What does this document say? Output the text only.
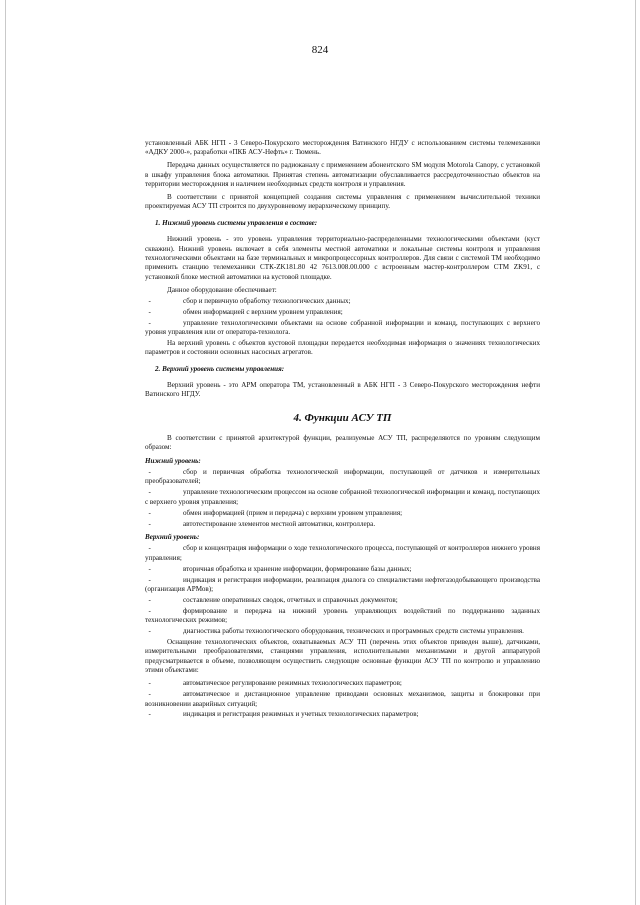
824

установленный АБК НГП - 3 Северо-Покурского месторождения Ватинского НГДУ с использованием системы телемеханики «АДКУ 2000-», разработки «ПКБ АСУ-Нефть» г. Тюмень.

Передача данных осуществляется по радиоканалу с применением абонентского SM модуля Motorola Canopy, с установкой в шкафу управления блока автоматики. Принятая степень автоматизации обуславливается рассредоточенностью объектов на территории месторождения и наличием необходимых средств контроля и управления.

В соответствии с принятой концепцией создания системы управления с применением вычислительной техники проектируемая АСУ ТП строится по двухуровневому иерархическому принципу.

1. Нижний уровень системы управления в составе:

Нижний уровень - это уровень управления территориально-распределенными технологическими объектами (куст скважин). Нижний уровень включает в себя элементы местной автоматики и локальные системы контроля и управления технологическими объектами на базе терминальных и микропроцессорных контроллеров. Для связи с системой ТМ необходимо применить станцию телемеханики СТК-ZK181.80 42 7613.008.00.000 с встроенным мастер-контроллером СТМ ZK91, с установкой блоке местной автоматики на кустовой площадке.

Данное оборудование обеспечивает:

-	сбор и первичную обработку технологических данных;
-	обмен информацией с верхним уровнем управления;
-	управление технологическими объектами на основе собранной информации и команд, поступающих с верхнего уровня управления или от оператора-технолога.

На верхний уровень с объектов кустовой площадки передается необходимая информация о значениях технологических параметров и состоянии основных насосных агрегатов.

2. Верхний уровень системы управления:

Верхний уровень - это АРМ оператора ТМ, установленный в АБК НГП - 3 Северо-Покурского месторождения нефти Ватинского НГДУ.

4. Функции АСУ ТП

В соответствии с принятой архитектурой функции, реализуемые АСУ ТП, распределяются по уровням следующим образом:

Нижний уровень:
-	сбор и первичная обработка технологической информации, поступающей от датчиков и измерительных преобразователей;
-	управление технологическим процессом на основе собранной технологической информации и команд, поступающих с верхнего уровня управления;
-	обмен информацией (прием и передача) с верхним уровнем управления;
-	автотестирование элементов местной автоматики, контроллера.
Верхний уровень:
-	сбор и концентрация информации о ходе технологического процесса, поступающей от контроллеров нижнего уровня управления;
-	вторичная обработка и хранение информации, формирование базы данных;
-	индикация и регистрация информации, реализация диалога со специалистами нефтегазодобывающего производства (организация АРМов);
-	составление оперативных сводок, отчетных и справочных документов;
-	формирование и передача на нижний уровень управляющих воздействий по поддержанию заданных технологических режимов;
-	диагностика работы технологического оборудования, технических и программных средств системы управления.

Оснащение технологических объектов, охватываемых АСУ ТП (перечень этих объектов приведен выше), датчиками, измерительными преобразователями, станциями управления, исполнительными механизмами и другой аппаратурой предусматривается в объеме, позволяющем осуществить следующие основные функции АСУ ТП по контролю и управлению этими объектами:

-	автоматическое регулирование режимных технологических параметров;
-	автоматическое и дистанционное управление приводами основных механизмов, защиты и блокировки при возникновении аварийных ситуаций;
-	индикация и регистрация режимных и учетных технологических параметров;
